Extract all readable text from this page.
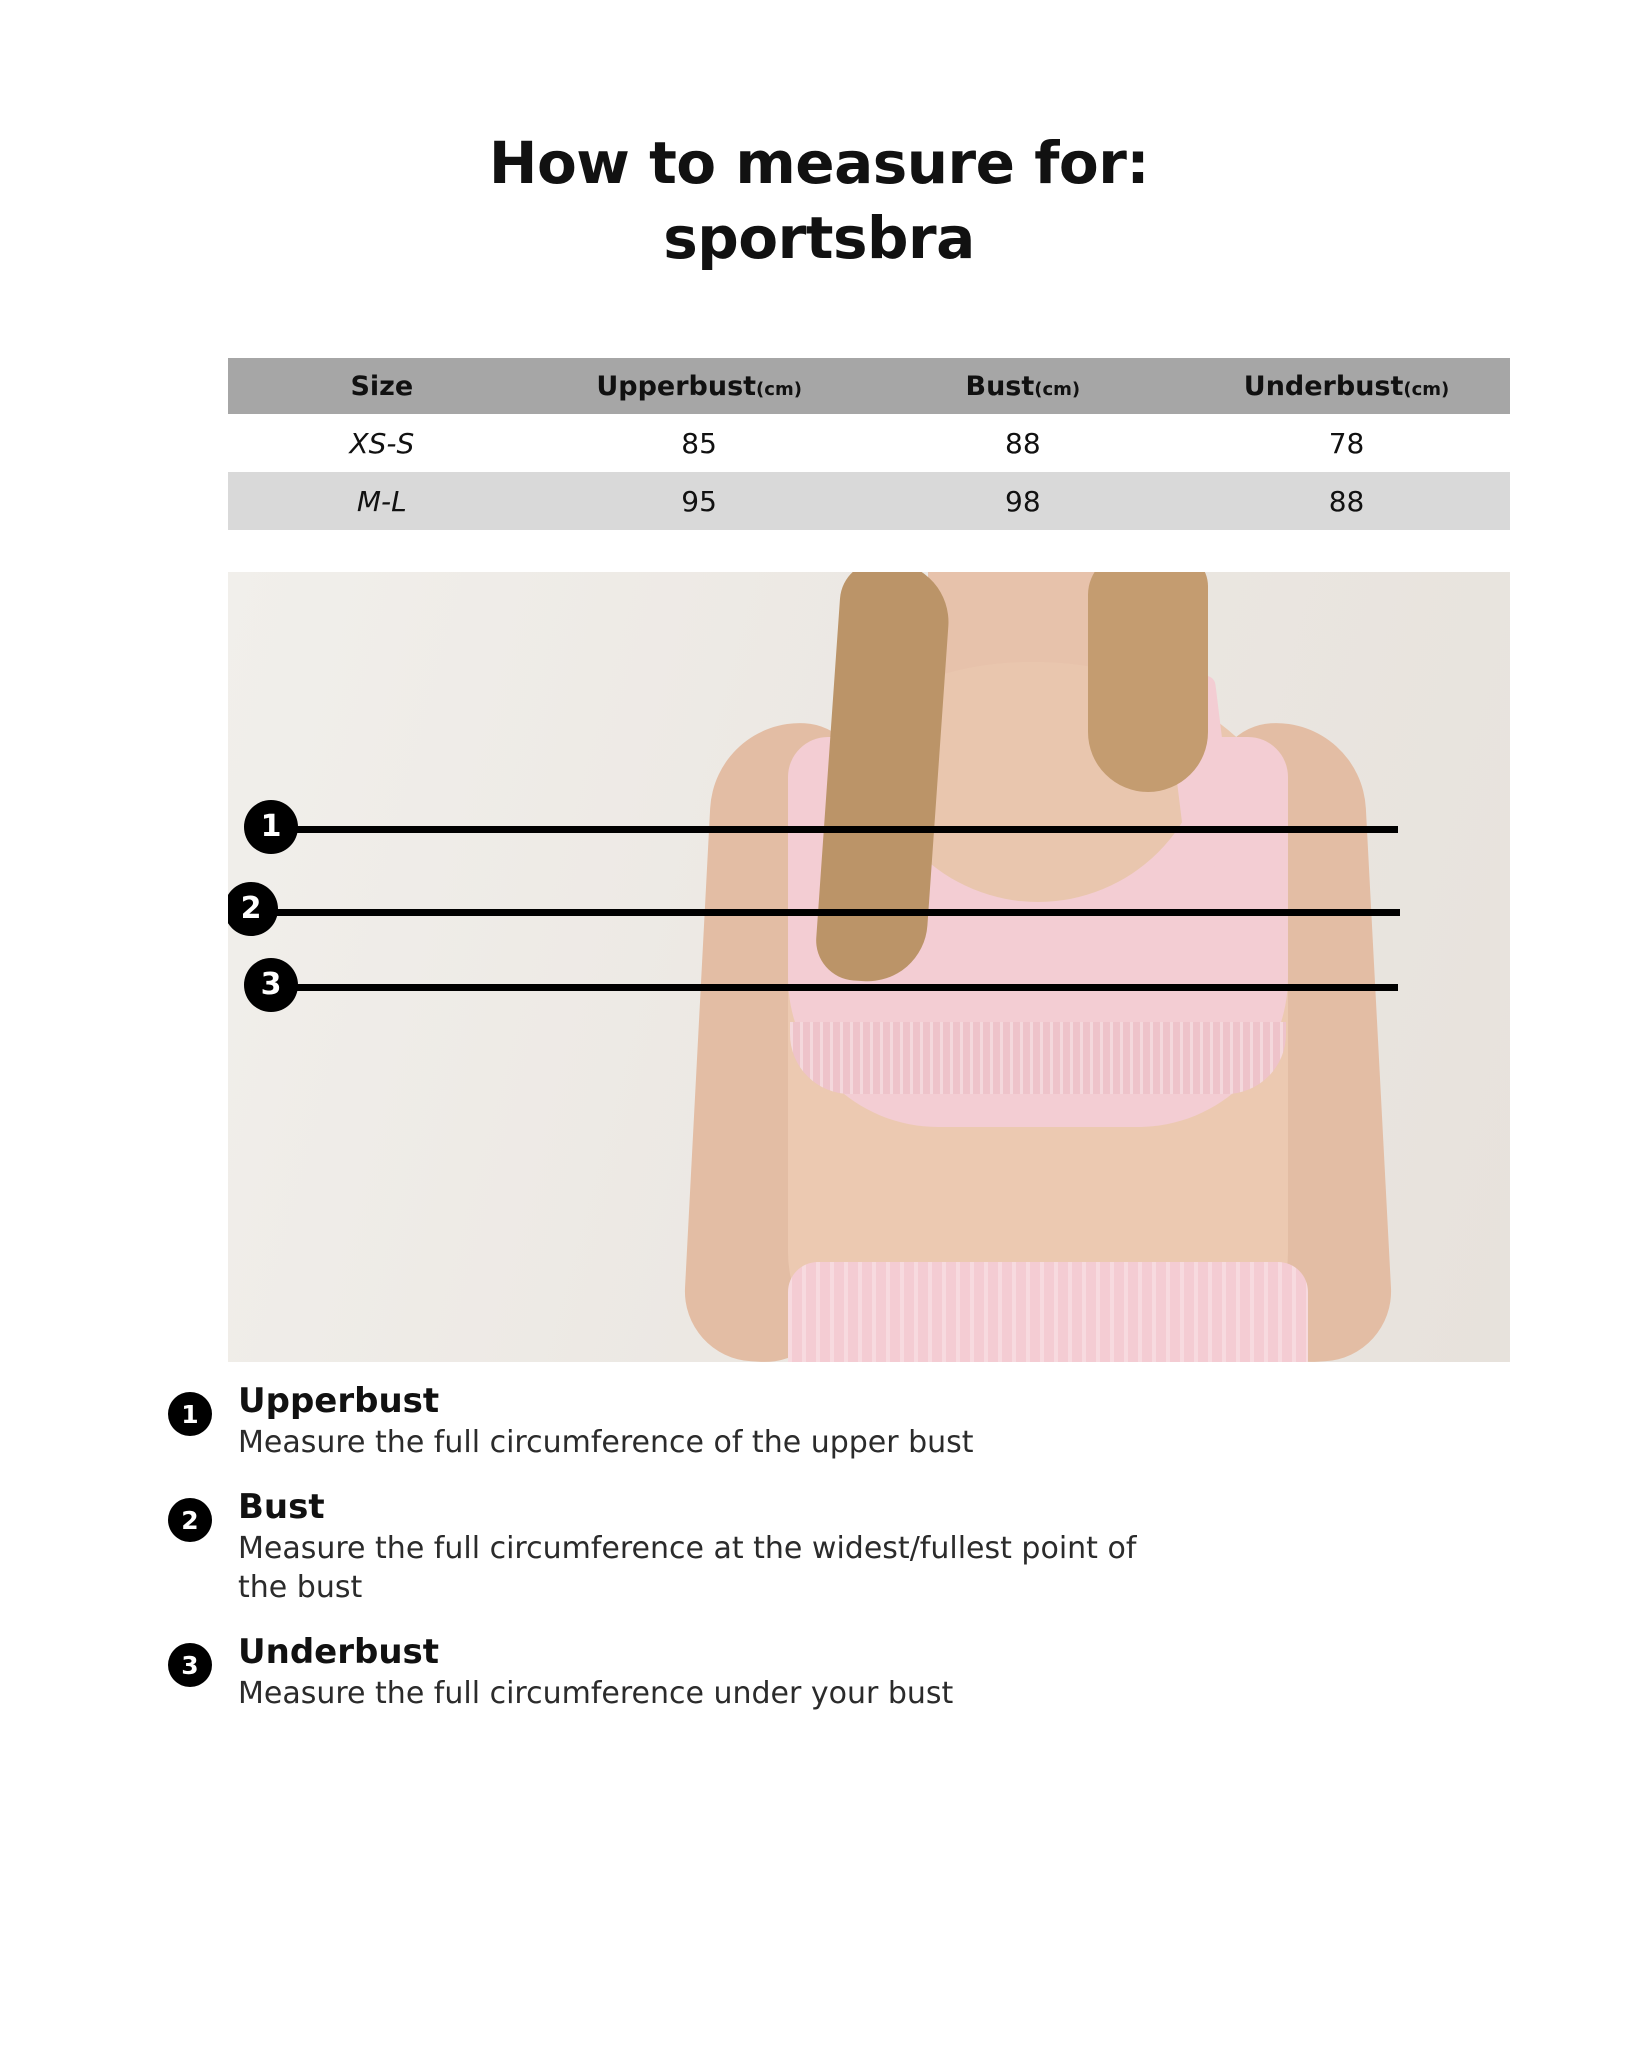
How to measure for:
sportsbra
Size	Upperbust(cm)	Bust(cm)	Underbust(cm)
XS-S	85	88	78
M-L	95	98	88
1
2
3
1	Upperbust
Measure the full circumference of the upper bust
2	Bust
Measure the full circumference at the widest/fullest point of the bust
3	Underbust
Measure the full circumference under your bust
